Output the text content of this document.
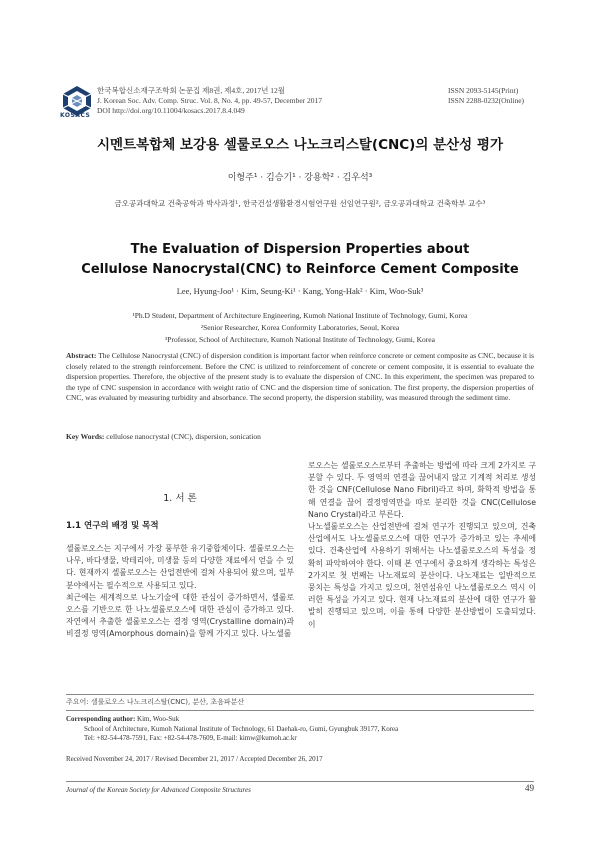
KOSACS
한국복합신소재구조학회 논문집 제8권, 제4호, 2017년 12월
J. Korean Soc. Adv. Comp. Struc. Vol. 8, No. 4, pp. 49-57, December 2017
DOI http://doi.org/10.11004/kosacs.2017.8.4.049
ISSN 2093-5145(Print)
ISSN 2288-0232(Online)
시멘트복합체 보강용 셀룰로오스 나노크리스탈(CNC)의 분산성 평가
이형주¹ · 김승기¹ · 강용학² · 김우석³
금오공과대학교 건축공학과 박사과정¹, 한국건설생활환경시험연구원 선임연구원², 금오공과대학교 건축학부 교수³
The Evaluation of Dispersion Properties about
Cellulose Nanocrystal(CNC) to Reinforce Cement Composite
Lee, Hyung-Joo¹ · Kim, Seung-Ki¹ · Kang, Yong-Hak² · Kim, Woo-Suk³
¹Ph.D Student, Department of Architecture Engineering, Kumoh National Institute of Technology, Gumi, Korea
²Senior Researcher, Korea Conformity Laboratories, Seoul, Korea
³Professor, School of Architecture, Kumoh National Institute of Technology, Gumi, Korea
Abstract: The Cellulose Nanocrystal (CNC) of dispersion condition is important factor when reinforce concrete or cement composite as CNC, because it is closely related to the strength reinforcement. Before the CNC is utilized to reinforcement of concrete or cement composite, it is essential to evaluate the dispersion properties. Therefore, the objective of the present study is to evaluate the dispersion of CNC. In this experiment, the specimen was prepared to the type of CNC suspension in accordance with weight ratio of CNC and the dispersion time of sonication. The first property, the dispersion properties of CNC, was evaluated by measuring turbidity and absorbance. The second property, the dispersion stability, was measured through the sediment time.
Key Words: cellulose nanocrystal (CNC), dispersion, sonication
1. 서 론
1.1 연구의 배경 및 목적

셀룰로오스는 지구에서 가장 풍부한 유기중합체이다. 셀룰로오스는 나무, 바다생물, 박테리아, 미생물 등의 다양한 재료에서 얻을 수 있다. 현재까지 셀룰로오스는 산업전반에 걸쳐 사용되어 왔으며, 일부 분야에서는 필수적으로 사용되고 있다.

최근에는 세계적으로 나노기술에 대한 관심이 증가하면서, 셀룰로오스를 기반으로 한 나노셀룰로오스에 대한 관심이 증가하고 있다. 자연에서 추출한 셀룰로오스는 결정 영역(Crystalline domain)과 비결정 영역(Amorphous domain)을 함께 가지고 있다. 나노셀룰

로오스는 셀룰로오스로부터 추출하는 방법에 따라 크게 2가지로 구분할 수 있다. 두 영역의 연결을 끊어내지 않고 기계적 처리로 생성한 것을 CNF(Cellulose Nano Fibril)라고 하며, 화학적 방법을 통해 연결을 끊어 결정영역만을 따로 분리한 것을 CNC(Cellulose Nano Crystal)라고 부른다.

나노셀룰로오스는 산업전반에 걸쳐 연구가 진행되고 있으며, 건축산업에서도 나노셀룰로오스에 대한 연구가 증가하고 있는 추세에 있다. 건축산업에 사용하기 위해서는 나노셀룰로오스의 특성을 정확히 파악하여야 한다. 이때 본 연구에서 중요하게 생각하는 특성은 2가지로 첫 번째는 나노재료의 분산이다. 나노재료는 일반적으로 뭉치는 특성을 가지고 있으며, 천연섬유인 나노셀룰로오스 역시 이러한 특성을 가지고 있다. 현재 나노재료의 분산에 대한 연구가 활발히 진행되고 있으며, 이를 통해 다양한 분산방법이 도출되었다. 이

주요어: 셀룰로오스 나노크리스탈(CNC), 분산, 초음파분산
Corresponding author: Kim, Woo-Suk
School of Architecture, Kumoh National Institute of Technology, 61 Daehak-ro, Gumi, Gyungbuk 39177, Korea
Tel: +82-54-478-7591, Fax: +82-54-478-7609, E-mail: kimw@kumoh.ac.kr
Received November 24, 2017 / Revised December 21, 2017 / Accepted December 26, 2017
Journal of the Korean Society for Advanced Composite Structures	49
